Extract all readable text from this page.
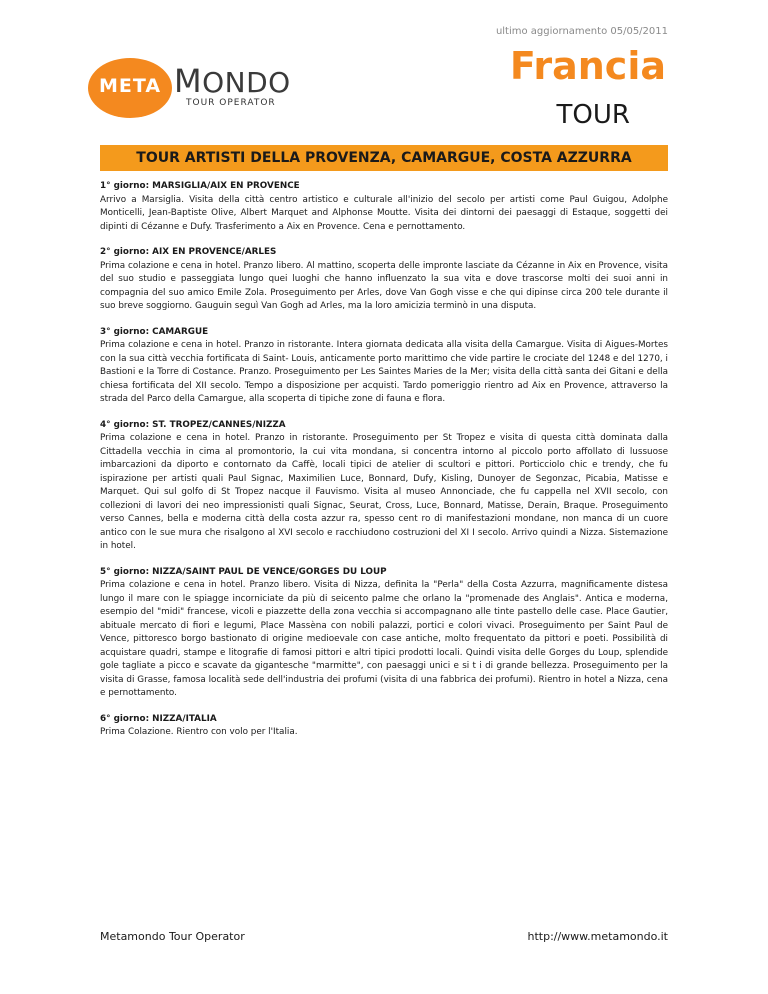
ultimo aggiornamento 05/05/2011
META MONDO
TOUR OPERATOR
Francia
TOUR
TOUR ARTISTI DELLA PROVENZA, CAMARGUE, COSTA AZZURRA
1° giorno: MARSIGLIA/AIX EN PROVENCE
Arrivo a Marsiglia. Visita della città centro artistico e culturale all'inizio del secolo per artisti come Paul Guigou, Adolphe Monticelli, Jean-Baptiste Olive, Albert Marquet and Alphonse Moutte. Visita dei dintorni dei paesaggi di Estaque, soggetti dei dipinti di Cézanne e Dufy. Trasferimento a Aix en Provence. Cena e pernottamento.
2° giorno: AIX EN PROVENCE/ARLES
Prima colazione e cena in hotel. Pranzo libero. Al mattino, scoperta delle impronte lasciate da Cézanne in Aix en Provence, visita del suo studio e passeggiata lungo quei luoghi che hanno influenzato la sua vita e dove trascorse molti dei suoi anni in compagnia del suo amico Emile Zola. Proseguimento per Arles, dove Van Gogh visse e che qui dipinse circa 200 tele durante il suo breve soggiorno. Gauguin seguì Van Gogh ad Arles, ma la loro amicizia terminò in una disputa.
3° giorno: CAMARGUE
Prima colazione e cena in hotel. Pranzo in ristorante. Intera giornata dedicata alla visita della Camargue. Visita di Aigues-Mortes con la sua città vecchia fortificata di Saint- Louis, anticamente porto marittimo che vide partire le crociate del 1248 e del 1270, i Bastioni e la Torre di Costance. Pranzo. Proseguimento per Les Saintes Maries de la Mer; visita della città santa dei Gitani e della chiesa fortificata del XII secolo. Tempo a disposizione per acquisti. Tardo pomeriggio rientro ad Aix en Provence, attraverso la strada del Parco della Camargue, alla scoperta di tipiche zone di fauna e flora.
4° giorno: ST. TROPEZ/CANNES/NIZZA
Prima colazione e cena in hotel. Pranzo in ristorante. Proseguimento per St Tropez e visita di questa città dominata dalla Cittadella vecchia in cima al promontorio, la cui vita mondana, si concentra intorno al piccolo porto affollato di lussuose imbarcazioni da diporto e contornato da Caffè, locali tipici de atelier di scultori e pittori. Porticciolo chic e trendy, che fu ispirazione per artisti quali Paul Signac, Maximilien Luce, Bonnard, Dufy, Kisling, Dunoyer de Segonzac, Picabia, Matisse e Marquet. Qui sul golfo di St Tropez nacque il Fauvismo. Visita al museo Annonciade, che fu cappella nel XVII secolo, con collezioni di lavori dei neo impressionisti quali Signac, Seurat, Cross, Luce, Bonnard, Matisse, Derain, Braque. Proseguimento verso Cannes, bella e moderna città della costa azzur ra, spesso cent ro di manifestazioni mondane, non manca di un cuore antico con le sue mura che risalgono al XVI secolo e racchiudono costruzioni del XI I secolo. Arrivo quindi a Nizza. Sistemazione in hotel.
5° giorno: NIZZA/SAINT PAUL DE VENCE/GORGES DU LOUP
Prima colazione e cena in hotel. Pranzo libero. Visita di Nizza, definita la "Perla" della Costa Azzurra, magnificamente distesa lungo il mare con le spiagge incorniciate da più di seicento palme che orlano la "promenade des Anglais". Antica e moderna, esempio del "midi" francese, vicoli e piazzette della zona vecchia si accompagnano alle tinte pastello delle case. Place Gautier, abituale mercato di fiori e legumi, Place Massèna con nobili palazzi, portici e colori vivaci. Proseguimento per Saint Paul de Vence, pittoresco borgo bastionato di origine medioevale con case antiche, molto frequentato da pittori e poeti. Possibilità di acquistare quadri, stampe e litografie di famosi pittori e altri tipici prodotti locali. Quindi visita delle Gorges du Loup, splendide gole tagliate a picco e scavate da gigantesche "marmitte", con paesaggi unici e si t i di grande bellezza. Proseguimento per la visita di Grasse, famosa località sede dell'industria dei profumi (visita di una fabbrica dei profumi). Rientro in hotel a Nizza, cena e pernottamento.
6° giorno: NIZZA/ITALIA
Prima Colazione. Rientro con volo per l'Italia.
Metamondo Tour Operator	http://www.metamondo.it
